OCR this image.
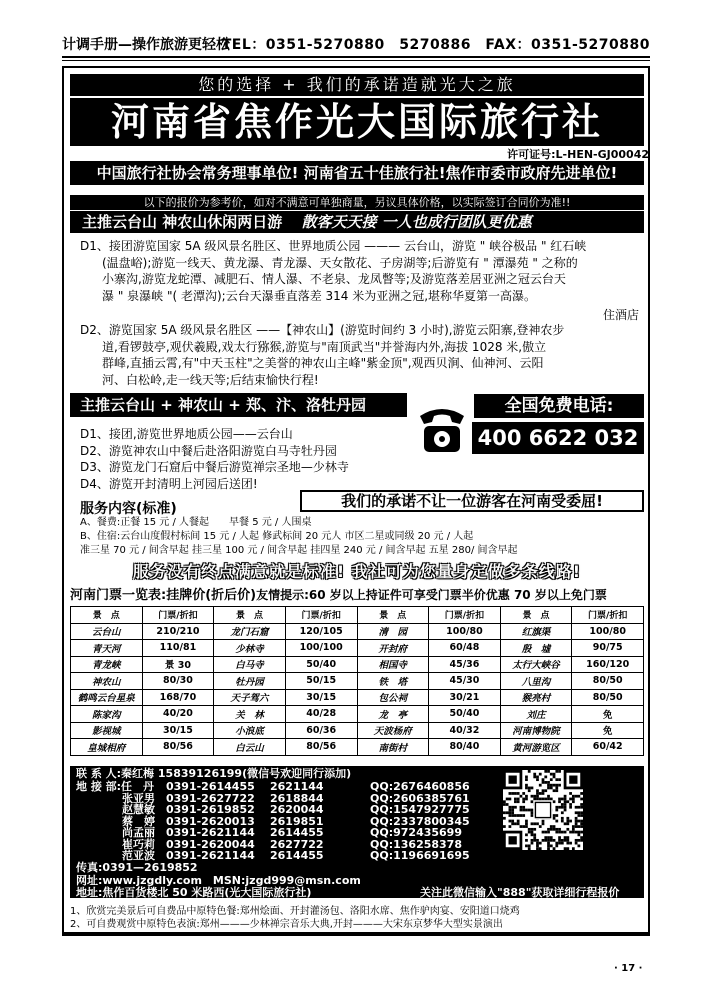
计调手册—操作旅游更轻松
TEL：0351-5270880　5270886　FAX：0351-5270880
您的选择 + 我们的承诺造就光大之旅
河南省焦作光大国际旅行社
许可证号:L-HEN-GJ00042
中国旅行社协会常务理事单位! 河南省五十佳旅行社!焦作市委市政府先进单位!
以下的报价为参考价，如对不满意可单独商量，另议具体价格，以实际签订合同价为准!!
主推云台山 神农山休闲两日游 散客天天接 一人也成行团队更优惠

D1、接团游览国家 5A 级风景名胜区、世界地质公园 ——— 云台山，游览 " 峡谷极品 " 红石峡

(温盘峪);游览一线天、黄龙瀑、青龙瀑、天女散花、子房湖等;后游览有 " 潭瀑苑 " 之称的

小寨沟,游览龙蛇潭、减肥石、情人瀑、不老泉、龙凤瞥等;及游览落差居亚洲之冠云台天

瀑 " 泉瀑峡 "( 老潭沟);云台天瀑垂直落差 314 米为亚洲之冠,堪称华夏第一高瀑。

住酒店

D2、游览国家 5A 级风景名胜区 ——【神农山】(游览时间约 3 小时),游览云阳寨,登神农步

道,看锣鼓亭,观伏羲殿,戏太行猕猴,游览与"南顶武当"并誉海内外,海拔 1028 米,傲立

群峰,直插云霄,有"中天玉柱"之美誉的神农山主峰"紫金顶",观西贝涧、仙神河、云阳

河、白松岭,走一线天等;后结束愉快行程!

主推云台山 + 神农山 + 郑、汴、洛牡丹园

D1、接团,游览世界地质公园——云台山

D2、游览神农山中餐后赴洛阳游览白马寺牡丹园

D3、游览龙门石窟后中餐后游览禅宗圣地—少林寺

D4、游览开封清明上河园后送团!

全国免费电话:
400 6622 032
服务内容(标准)	我们的承诺不让一位游客在河南受委屈!
A、餐费:正餐 15 元 / 人餐起　　早餐 5 元 / 人围桌
B、住宿:云台山度假村标间 15 元 / 人起 修武标间 20 元人 市区二星或同级 20 元 / 人起
准三星 70 元 / 间含早起 挂三星 100 元 / 间含早起 挂四星 240 元 / 间含早起 五星 280/ 间含早起
服务没有终点满意就是标准! 我社可为您量身定做多条线路!
河南门票一览表:挂牌价(折后价)友情提示:60 岁以上持证件可享受门票半价优惠 70 岁以上免门票
景　点	门票/折扣	景　点	门票/折扣	景　点	门票/折扣	景　点	门票/折扣
云台山	210/210	龙门石窟	120/105	清　园	100/80	红旗渠	100/80
青天河	110/81	少林寺	100/100	开封府	60/48	殷　墟	90/75
青龙峡	景 30	白马寺	50/40	相国寺	45/36	太行大峡谷	160/120
神农山	80/30	牡丹园	50/15	铁　塔	45/30	八里沟	80/50
鹤鸣云台星泉	168/70	天子驾六	30/15	包公祠	30/21	猴亮村	80/50
陈家沟	40/20	关　林	40/28	龙　亭	50/40	刘庄	免
影视城	30/15	小浪底	60/36	天波杨府	40/32	河南博物院	免
皇城相府	80/56	白云山	80/56	南街村	80/40	黄河游览区	60/42
联 系 人:秦红梅 15839126199(微信号欢迎同行添加)
地 接 部:任　丹 0391-2614455 2621144	QQ:2676460856
张亚男 0391-2627722 2618844	QQ:2606385761
赵慧敏 0391-2619852 2620044	QQ:1547927775
蔡　婷 0391-2620013 2619851	QQ:2337800345
尚孟丽 0391-2621144 2614455	QQ:972435699
崔巧莉 0391-2620044 2627722	QQ:136258378
范亚波 0391-2621144 2614455	QQ:1196691695
传真:0391—2619852
网址:www.jzgdly.com　MSN:jzgd999@msn.com
地址:焦作百货楼北 50 米路西(光大国际旅行社)	关注此微信输入"888"获取详细行程报价
1、欣赏完美景后可自费品中原特色餐:郑州烩面、开封灌汤包、洛阳水席、焦作驴肉宴、安阳道口烧鸡
2、可自费观赏中原特色表演:郑州———少林禅宗音乐大典,开封———大宋东京梦华大型实景演出
· 17 ·
